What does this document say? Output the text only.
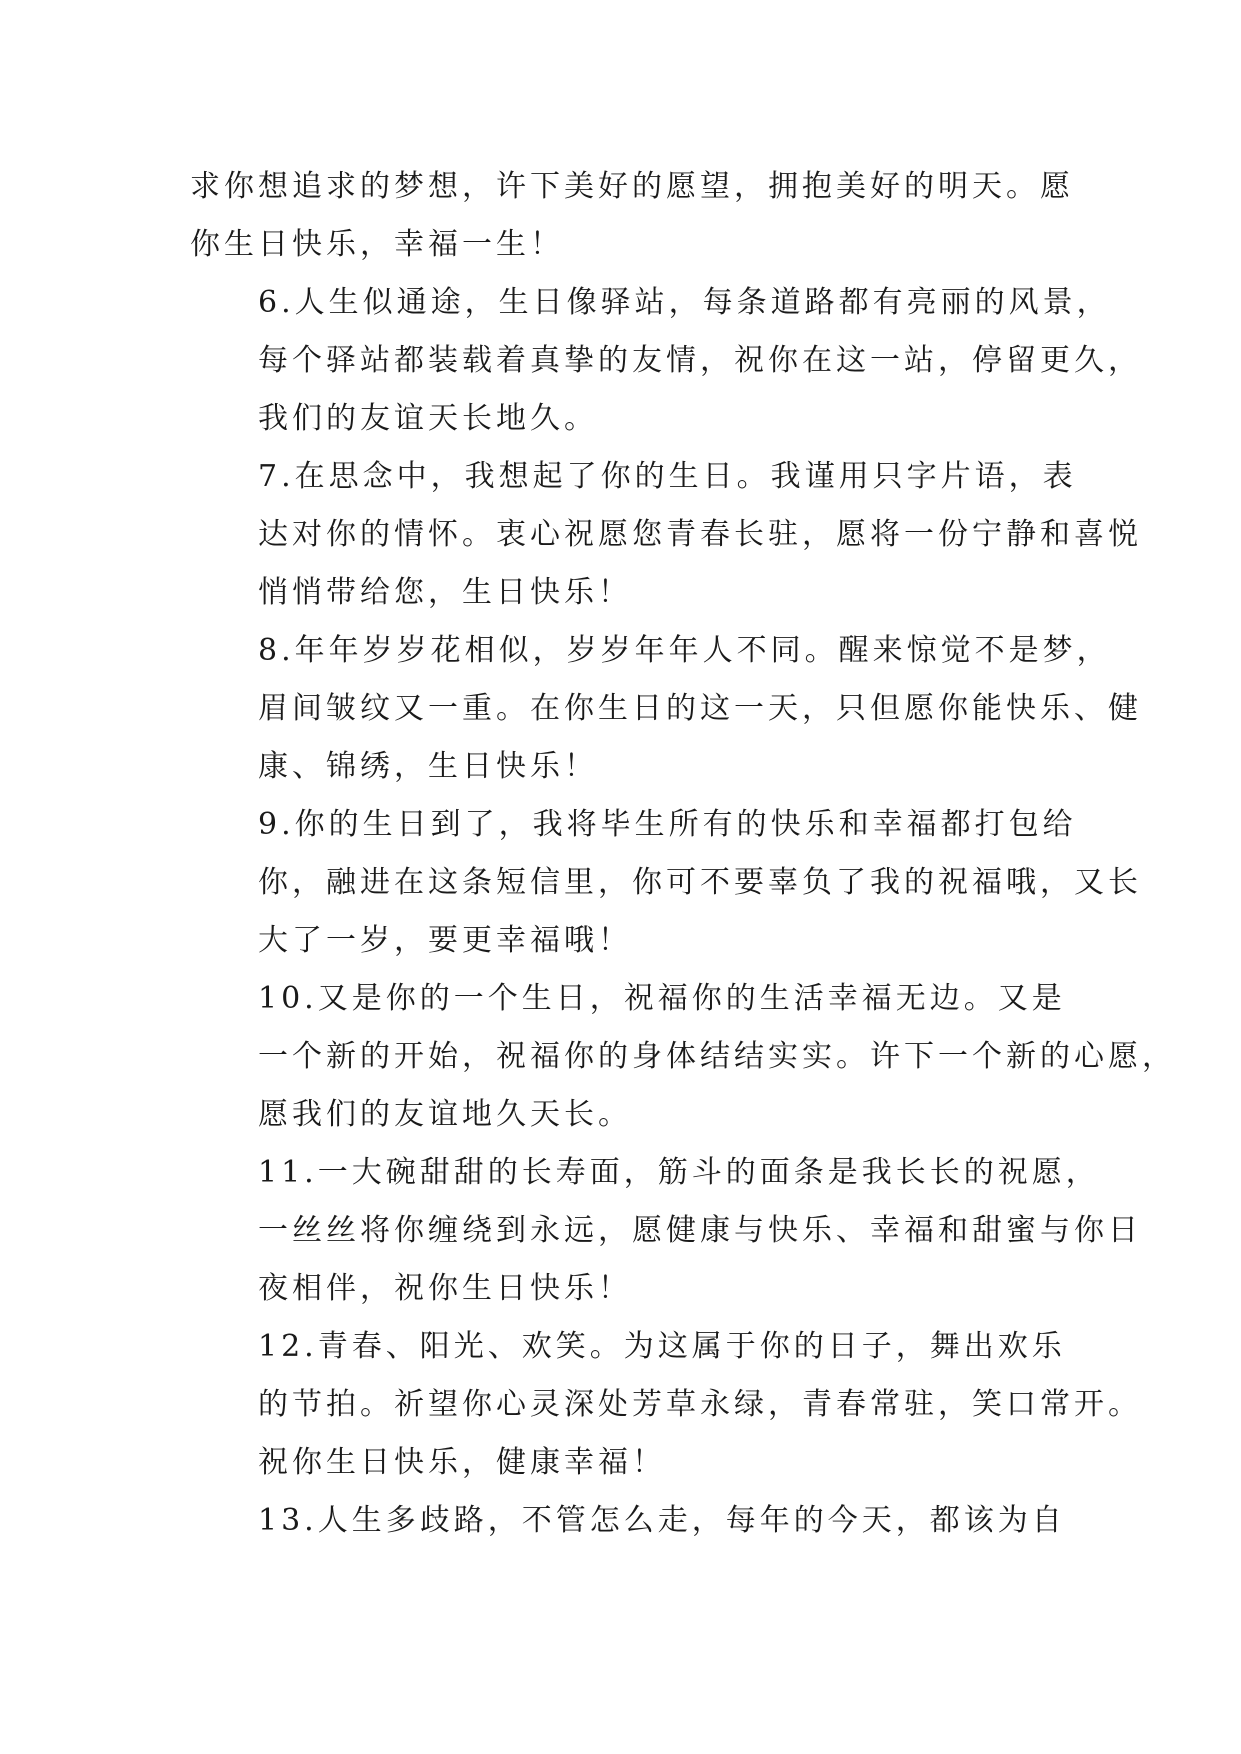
求你想追求的梦想，许下美好的愿望，拥抱美好的明天。愿
你生日快乐，幸福一生！

6.人生似通途，生日像驿站，每条道路都有亮丽的风景，
每个驿站都装载着真挚的友情，祝你在这一站，停留更久，
我们的友谊天长地久。

7.在思念中，我想起了你的生日。我谨用只字片语，表
达对你的情怀。衷心祝愿您青春长驻，愿将一份宁静和喜悦
悄悄带给您，生日快乐！

8.年年岁岁花相似，岁岁年年人不同。醒来惊觉不是梦，
眉间皱纹又一重。在你生日的这一天，只但愿你能快乐、健
康、锦绣，生日快乐！

9.你的生日到了，我将毕生所有的快乐和幸福都打包给
你，融进在这条短信里，你可不要辜负了我的祝福哦，又长
大了一岁，要更幸福哦！

10.又是你的一个生日，祝福你的生活幸福无边。又是
一个新的开始，祝福你的身体结结实实。许下一个新的心愿，
愿我们的友谊地久天长。

11.一大碗甜甜的长寿面，筋斗的面条是我长长的祝愿，
一丝丝将你缠绕到永远，愿健康与快乐、幸福和甜蜜与你日
夜相伴，祝你生日快乐！

12.青春、阳光、欢笑。为这属于你的日子，舞出欢乐
的节拍。祈望你心灵深处芳草永绿，青春常驻，笑口常开。
祝你生日快乐，健康幸福！

13.人生多歧路，不管怎么走，每年的今天，都该为自
